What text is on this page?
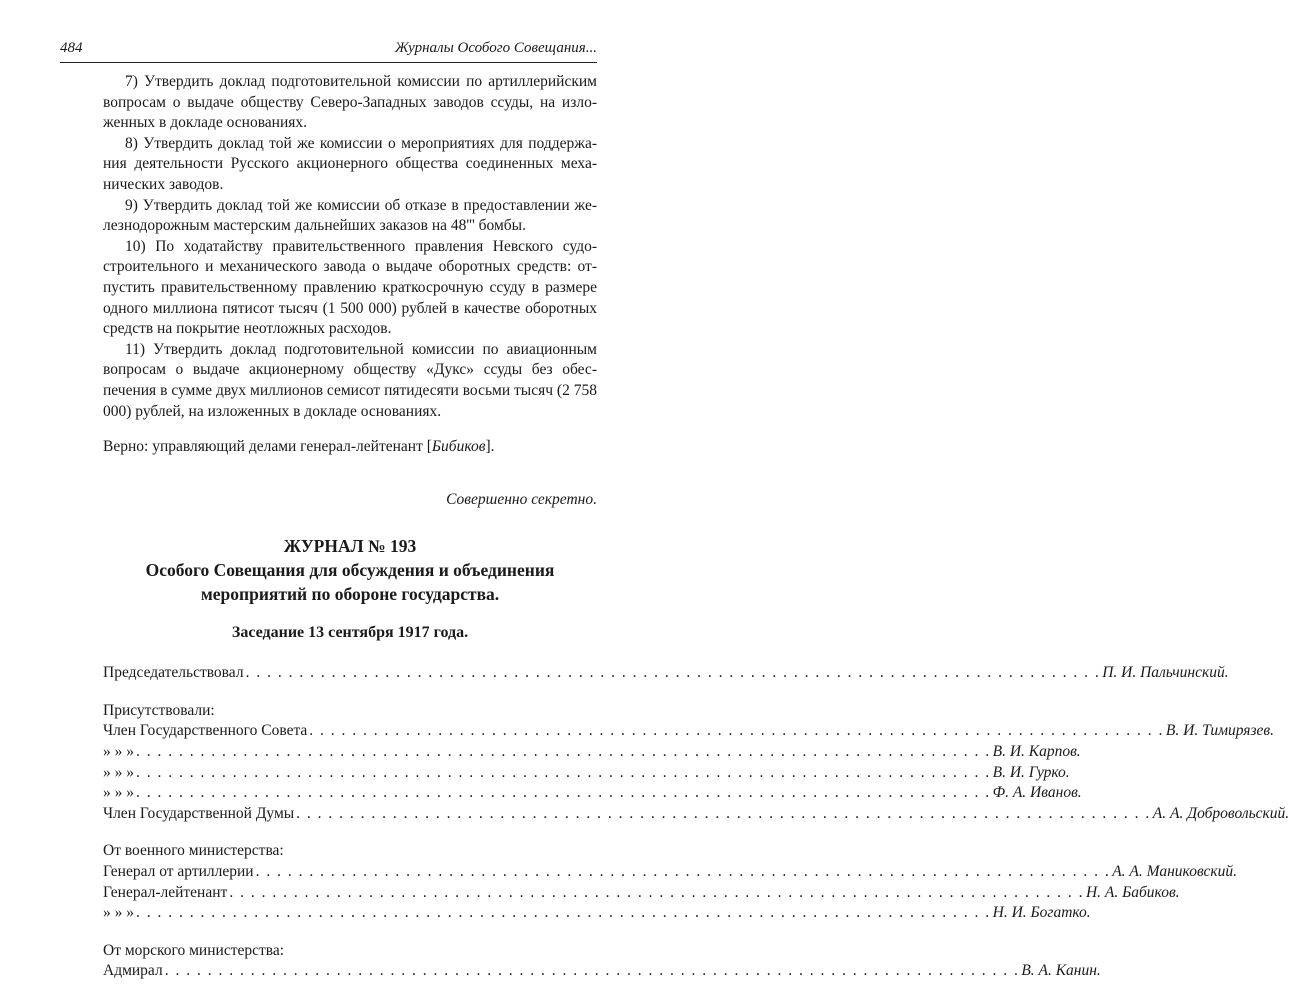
484	Журналы Особого Совещания...

7) Утвердить доклад подготовительной комиссии по артиллерийским вопросам о выдаче обществу Северо-Западных заводов ссуды, на изложенных в докладе основаниях.

8) Утвердить доклад той же комиссии о мероприятиях для поддержания деятельности Русского акционерного общества соединенных механических заводов.

9) Утвердить доклад той же комиссии об отказе в предоставлении железнодорожным мастерским дальнейших заказов на 48''' бомбы.

10) По ходатайству правительственного правления Невского судостроительного и механического завода о выдаче оборотных средств: отпустить правительственному правлению краткосрочную ссуду в размере одного миллиона пятисот тысяч (1 500 000) рублей в качестве оборотных средств на покрытие неотложных расходов.

11) Утвердить доклад подготовительной комиссии по авиационным вопросам о выдаче акционерному обществу «Дукс» ссуды без обеспечения в сумме двух миллионов семисот пятидесяти восьми тысяч (2 758 000) рублей, на изложенных в докладе основаниях.

Верно: управляющий делами генерал-лейтенант [Бибиков].

Совершенно секретно.

ЖУРНАЛ № 193

Особого Совещания для обсуждения и объединения

мероприятий по обороне государства.

Заседание 13 сентября 1917 года.

Председательствовал . . . . . . . . . . . . . . . . . . . . . . . . . . . . . . . . . . . . . . . . . . . . . . . . . . . . . . . . . . . . . . . . . . . . . . . . . . . . . . . . П. И. Пальчинский.

Присутствовали:

Член Государственного Совета . . . . . . . . . . . . . . . . . . . . . . . . . . . . . . . . . . . . . . . . . . . . . . . . . . . . . . . . . . . . . . . . . . . . . . . . . . . . . . . . В. И. Тимирязев.
» » » . . . . . . . . . . . . . . . . . . . . . . . . . . . . . . . . . . . . . . . . . . . . . . . . . . . . . . . . . . . . . . . . . . . . . . . . . . . . . . . . В. И. Карпов.
» » » . . . . . . . . . . . . . . . . . . . . . . . . . . . . . . . . . . . . . . . . . . . . . . . . . . . . . . . . . . . . . . . . . . . . . . . . . . . . . . . . В. И. Гурко.
» » » . . . . . . . . . . . . . . . . . . . . . . . . . . . . . . . . . . . . . . . . . . . . . . . . . . . . . . . . . . . . . . . . . . . . . . . . . . . . . . . . Ф. А. Иванов.
Член Государственной Думы . . . . . . . . . . . . . . . . . . . . . . . . . . . . . . . . . . . . . . . . . . . . . . . . . . . . . . . . . . . . . . . . . . . . . . . . . . . . . . . . А. А. Добровольский.

От военного министерства:

Генерал от артиллерии . . . . . . . . . . . . . . . . . . . . . . . . . . . . . . . . . . . . . . . . . . . . . . . . . . . . . . . . . . . . . . . . . . . . . . . . . . . . . . . . А. А. Маниковский.
Генерал-лейтенант . . . . . . . . . . . . . . . . . . . . . . . . . . . . . . . . . . . . . . . . . . . . . . . . . . . . . . . . . . . . . . . . . . . . . . . . . . . . . . . . Н. А. Бабиков.
» » » . . . . . . . . . . . . . . . . . . . . . . . . . . . . . . . . . . . . . . . . . . . . . . . . . . . . . . . . . . . . . . . . . . . . . . . . . . . . . . . . Н. И. Богатко.

От морского министерства:

Адмирал . . . . . . . . . . . . . . . . . . . . . . . . . . . . . . . . . . . . . . . . . . . . . . . . . . . . . . . . . . . . . . . . . . . . . . . . . . . . . . . . В. А. Канин.
